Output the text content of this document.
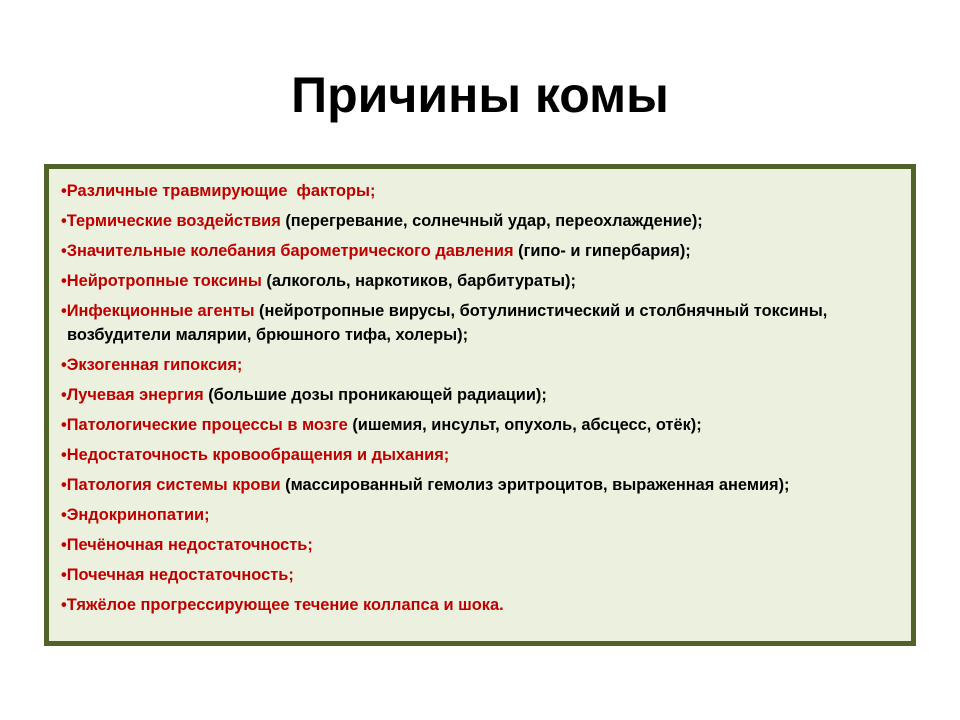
Причины комы
•Различные травмирующие  факторы;
•Термические воздействия (перегревание, солнечный удар, переохлаждение);
•Значительные колебания барометрического давления (гипо- и гипербария);
•Нейротропные токсины (алкоголь, наркотиков, барбитураты);
•Инфекционные агенты (нейротропные вирусы, ботулинистический и столбнячный токсины, возбудители малярии, брюшного тифа, холеры);
•Экзогенная гипоксия;
•Лучевая энергия (большие дозы проникающей радиации);
•Патологические процессы в мозге (ишемия, инсульт, опухоль, абсцесс, отёк);
•Недостаточность кровообращения и дыхания;
•Патология системы крови (массированный гемолиз эритроцитов, выраженная анемия);
•Эндокринопатии;
•Печёночная недостаточность;
•Почечная недостаточность;
•Тяжёлое прогрессирующее течение коллапса и шока.
